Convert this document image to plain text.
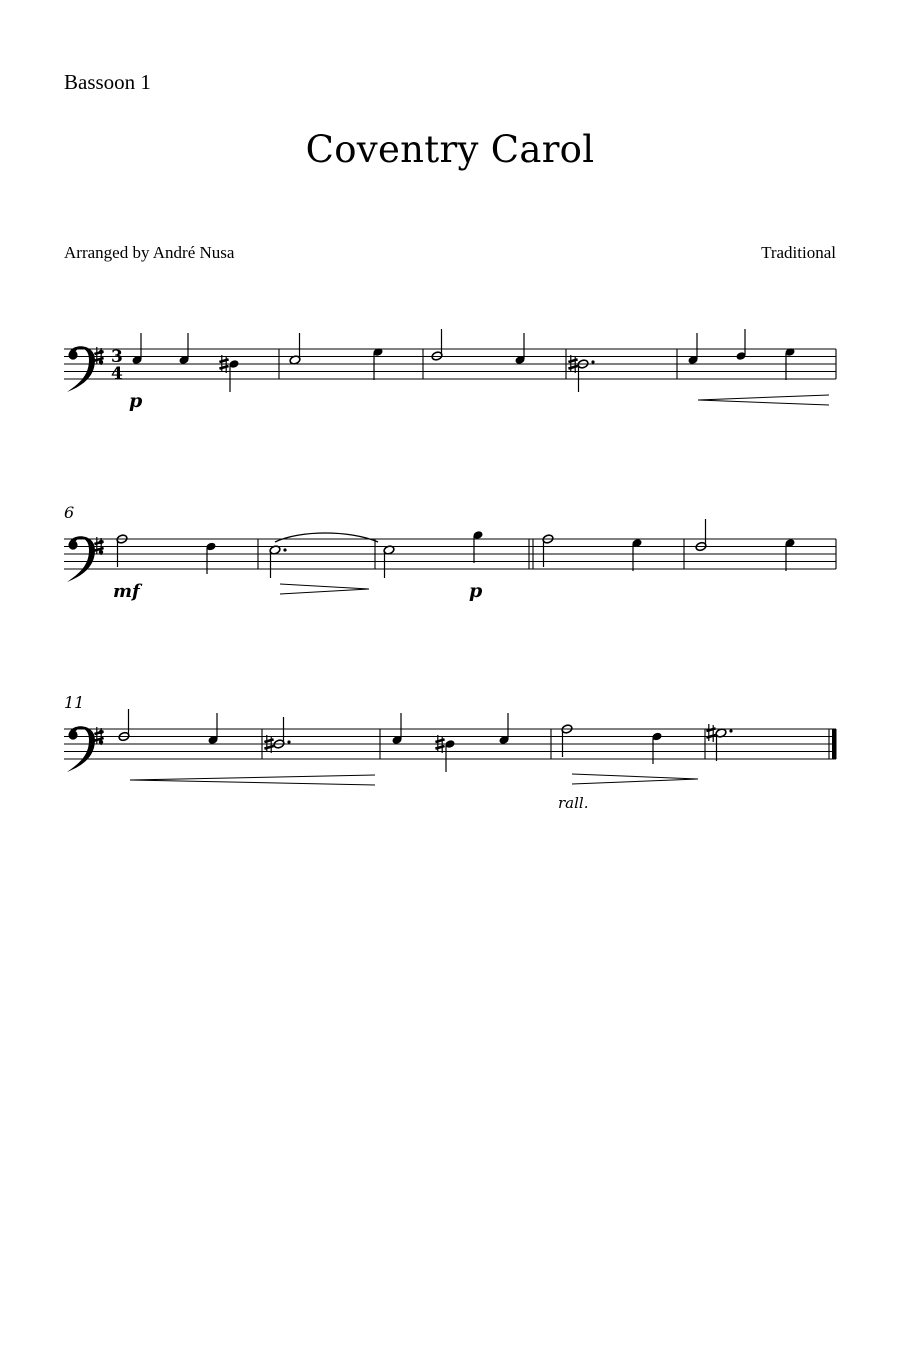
Bassoon 1
Coventry Carol
Arranged by André Nusa	Traditional
3
4
p
6
mf	p
11
rall.
